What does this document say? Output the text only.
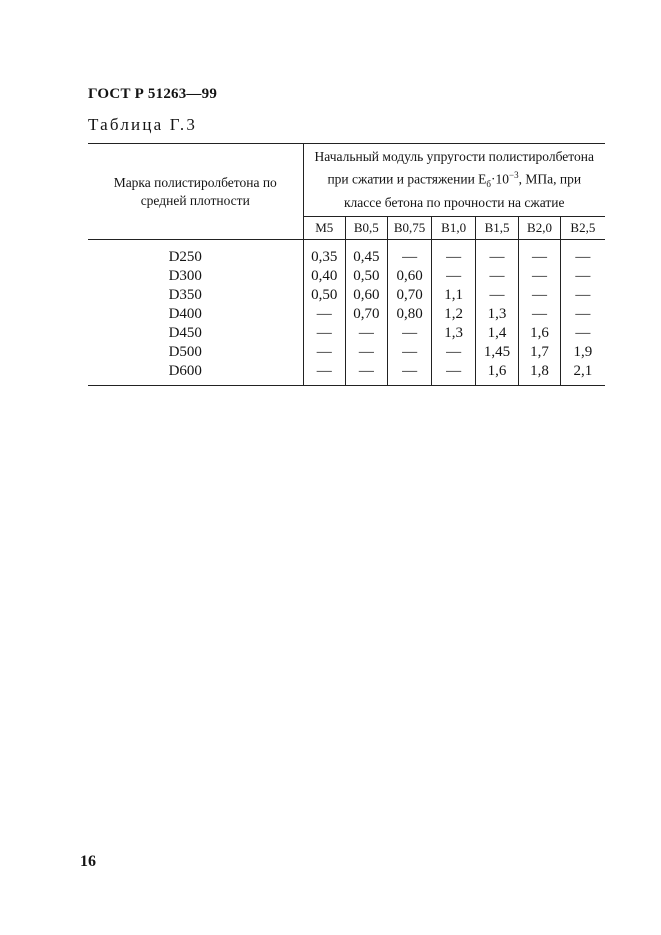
ГОСТ Р 51263—99
Таблица Г.3
Марка полистиролбетона по средней плотности	Начальный модуль упругости полистиролбетона
при сжатии и растяжении $E_б\cdot 10^{-3}$, МПа, при
классе бетона по прочности на сжатие						

	М5	В0,5	В0,75	В1,0	В1,5	В2,0	В2,5
D250	0,35	0,45	—	—	—	—	—
D300	0,40	0,50	0,60	—	—	—	—
D350	0,50	0,60	0,70	1,1	—	—	—
D400	—	0,70	0,80	1,2	1,3	—	—
D450	—	—	—	1,3	1,4	1,6	—
D500	—	—	—	—	1,45	1,7	1,9
D600	—	—	—	—	1,6	1,8	2,1
16
